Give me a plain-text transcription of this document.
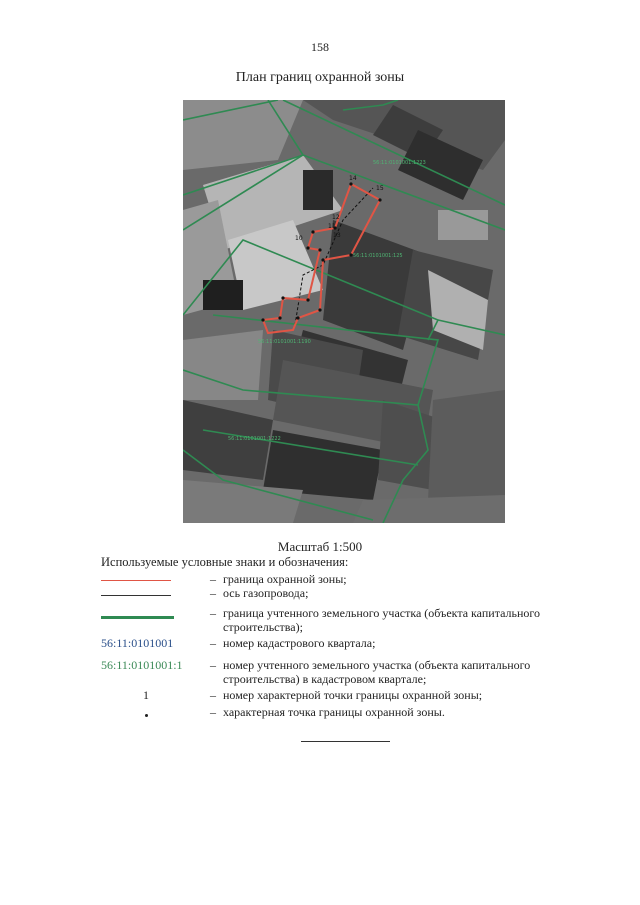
158
План границ охранной зоны
14
15
12
11
10	13
56:11:0101001:1223
56:11:0101001:125
56:11:0101001:1190
56:11:0101001:1222
Масштаб 1:500
Используемые условные знаки и обозначения:
– граница охранной зоны;
– ось газопровода;
– граница учтенного земельного участка (объекта капитального строительства);
56:11:0101001	– номер кадастрового квартала;
56:11:0101001:1	– номер учтенного земельного участка (объекта капитального строительства) в кадастровом квартале;
1	– номер характерной точки границы охранной зоны;
– характерная точка границы охранной зоны.
